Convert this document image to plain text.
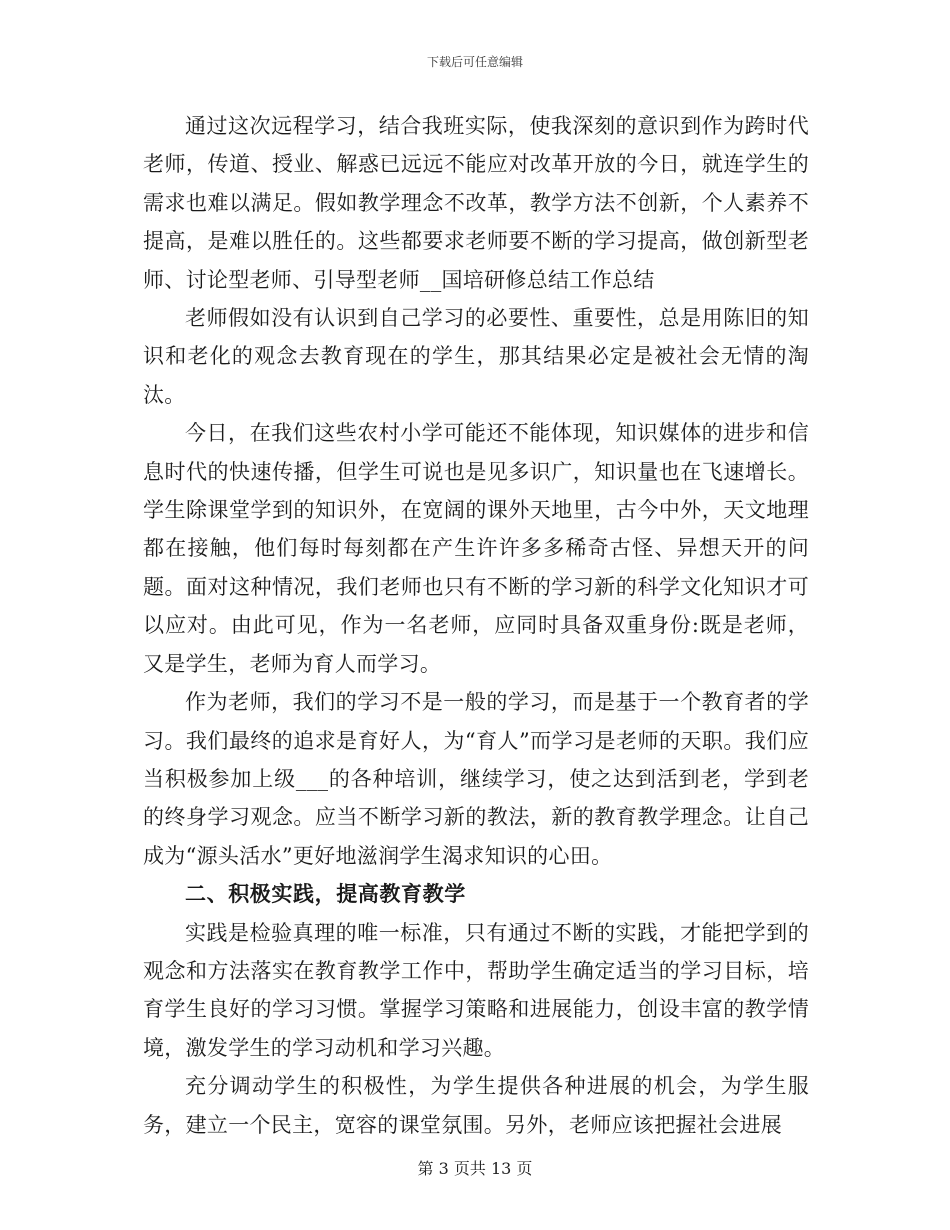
下载后可任意编辑

通过这次远程学习，结合我班实际，使我深刻的意识到作为跨时代老师，传道、授业、解惑已远远不能应对改革开放的今日，就连学生的需求也难以满足。假如教学理念不改革，教学方法不创新，个人素养不提高，是难以胜任的。这些都要求老师要不断的学习提高，做创新型老师、讨论型老师、引导型老师__国培研修总结工作总结

老师假如没有认识到自己学习的必要性、重要性，总是用陈旧的知识和老化的观念去教育现在的学生，那其结果必定是被社会无情的淘汰。

今日，在我们这些农村小学可能还不能体现，知识媒体的进步和信息时代的快速传播，但学生可说也是见多识广，知识量也在飞速增长。学生除课堂学到的知识外，在宽阔的课外天地里，古今中外，天文地理都在接触，他们每时每刻都在产生许许多多稀奇古怪、异想天开的问题。面对这种情况，我们老师也只有不断的学习新的科学文化知识才可以应对。由此可见，作为一名老师，应同时具备双重身份:既是老师，又是学生，老师为育人而学习。

作为老师，我们的学习不是一般的学习，而是基于一个教育者的学习。我们最终的追求是育好人，为“育人”而学习是老师的天职。我们应当积极参加上级___的各种培训，继续学习，使之达到活到老，学到老的终身学习观念。应当不断学习新的教法，新的教育教学理念。让自己成为“源头活水”更好地滋润学生渴求知识的心田。

二、积极实践，提高教育教学

实践是检验真理的唯一标准，只有通过不断的实践，才能把学到的观念和方法落实在教育教学工作中，帮助学生确定适当的学习目标，培育学生良好的学习习惯。掌握学习策略和进展能力，创设丰富的教学情境，激发学生的学习动机和学习兴趣。

充分调动学生的积极性，为学生提供各种进展的机会，为学生服务，建立一个民主，宽容的课堂氛围。另外，老师应该把握社会进展

第 3 页共 13 页
